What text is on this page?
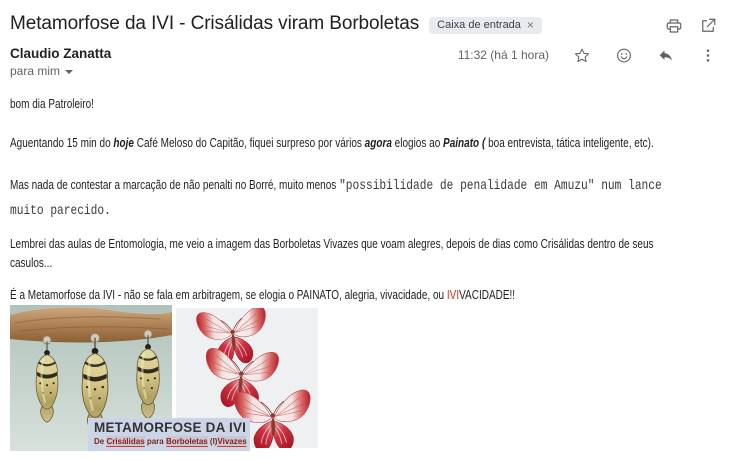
Metamorfose da IVI - Crisálidas viram Borboletas Caixa de entrada ×
Claudio Zanatta
para mim
11:32 (há 1 hora)

bom dia Patroleiro!

Aguentando 15 min do hoje Café Meloso do Capitão, fiquei surpreso por vários agora elogios ao Painato ( boa entrevista, tática inteligente, etc).

Mas nada de contestar a marcação de não penalti no Borré, muito menos "possibilidade de penalidade em Amuzu" num lance
muito parecido.

Lembrei das aulas de Entomologia, me veio a imagem das Borboletas Vivazes que voam alegres, depois de dias como Crisálidas dentro de seus
casulos...

É a Metamorfose da IVI - não se fala em arbitragem, se elogia o PAINATO, alegria, vivacidade, ou IVIVACIDADE!!

METAMORFOSE DA IVI
De Crisálidas para Borboletas (I)Vivazes
